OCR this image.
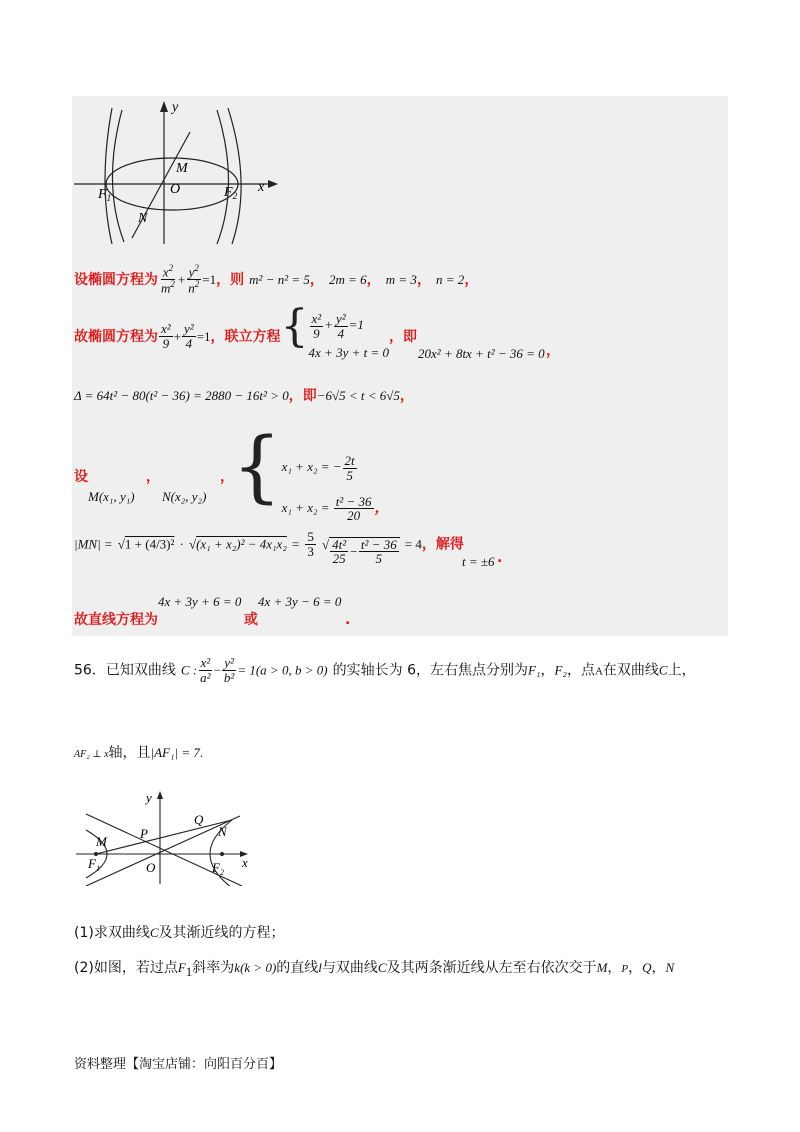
y
x
M
O
$F_1$	$F_2$
N
设椭圆方程为 $\frac{x^2}{m^2} + \frac{y^2}{n^2} =1$，则 m² − n² = 5， 2m = 6， m = 3， n = 2，
故椭圆方程为 $\frac{\text{x²}}{9} + \frac{\text{y²}}{4} =1$，联立方程{ $\frac{\text{x²}}{9} + \frac{\text{y²}}{4} =1$
4x + 3y + t = 0
，即
20x² + 8tx + t² − 36 = 0 ，
Δ = 64t² − 80(t² − 36) = 2880 − 16t² > 0，即−6√5 < t < 6√5，
设	，	，
M(x₁, y₁) N(x₂, y₂) { x₁ + x₂ = − $\frac{2t}{5}$
$x_1 + x_2 = \frac{\text{t² − 36}}{20}$ ，
$|MN| = √1 + (4/3)^2 \cdot √(x_1 + x_2)^2 - 4x_1x_2 = \frac{5}{3}$ √ $\frac{\text{4t²}}{25} - \frac{\text{t² − 36}}{5} = 4$，解得
t = ±6 .
故直线方程为
4x + 3y + 6 = 0
或
4x + 3y − 6 = 0
.
56．已知双曲线 C : $\frac{\text{x²}}{\text{a²}} - \frac{\text{y²}}{\text{b²}} = 1(a > 0$, b > 0) 的实轴长为 6，左右焦点分别为F₁，F₂，点A在双曲线C上，
AF₂ ⊥ x轴，且|AF₁| = 7.
y
x
Q
P	N
M
O
$F_1$	$F_2$
(1)求双曲线C及其渐近线的方程；
(2)如图，若过点$F_1$斜率为k(k > 0)的直线l与双曲线C及其两条渐近线从左至右依次交于M，P，Q，N
资料整理【淘宝店铺：向阳百分百】
